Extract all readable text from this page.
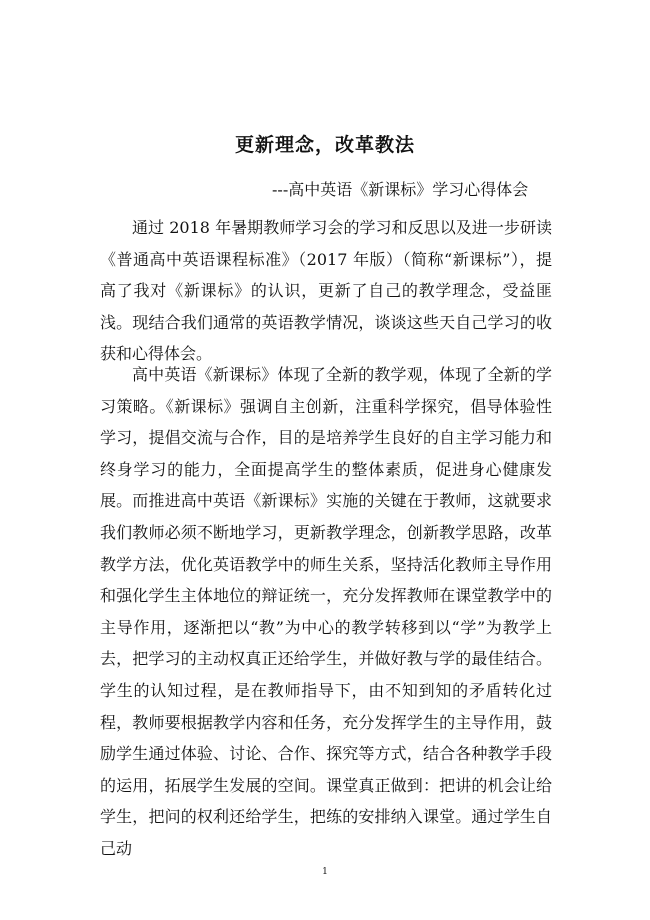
更新理念，改革教法
---高中英语《新课标》学习心得体会

通过 2018 年暑期教师学习会的学习和反思以及进一步研读《普通高中英语课程标准》（2017 年版）（简称“新课标”），提高了我对《新课标》的认识，更新了自己的教学理念，受益匪浅。现结合我们通常的英语教学情况，谈谈这些天自己学习的收获和心得体会。

高中英语《新课标》体现了全新的教学观，体现了全新的学习策略。《新课标》强调自主创新，注重科学探究，倡导体验性学习，提倡交流与合作，目的是培养学生良好的自主学习能力和终身学习的能力，全面提高学生的整体素质，促进身心健康发展。而推进高中英语《新课标》实施的关键在于教师，这就要求我们教师必须不断地学习，更新教学理念，创新教学思路，改革教学方法，优化英语教学中的师生关系，坚持活化教师主导作用和强化学生主体地位的辩证统一，充分发挥教师在课堂教学中的主导作用，逐渐把以“教”为中心的教学转移到以“学”为教学上去，把学习的主动权真正还给学生，并做好教与学的最佳结合。学生的认知过程，是在教师指导下，由不知到知的矛盾转化过程，教师要根据教学内容和任务，充分发挥学生的主导作用，鼓励学生通过体验、讨论、合作、探究等方式，结合各种教学手段的运用，拓展学生发展的空间。课堂真正做到：把讲的机会让给学生，把问的权利还给学生，把练的安排纳入课堂。通过学生自己动

1
